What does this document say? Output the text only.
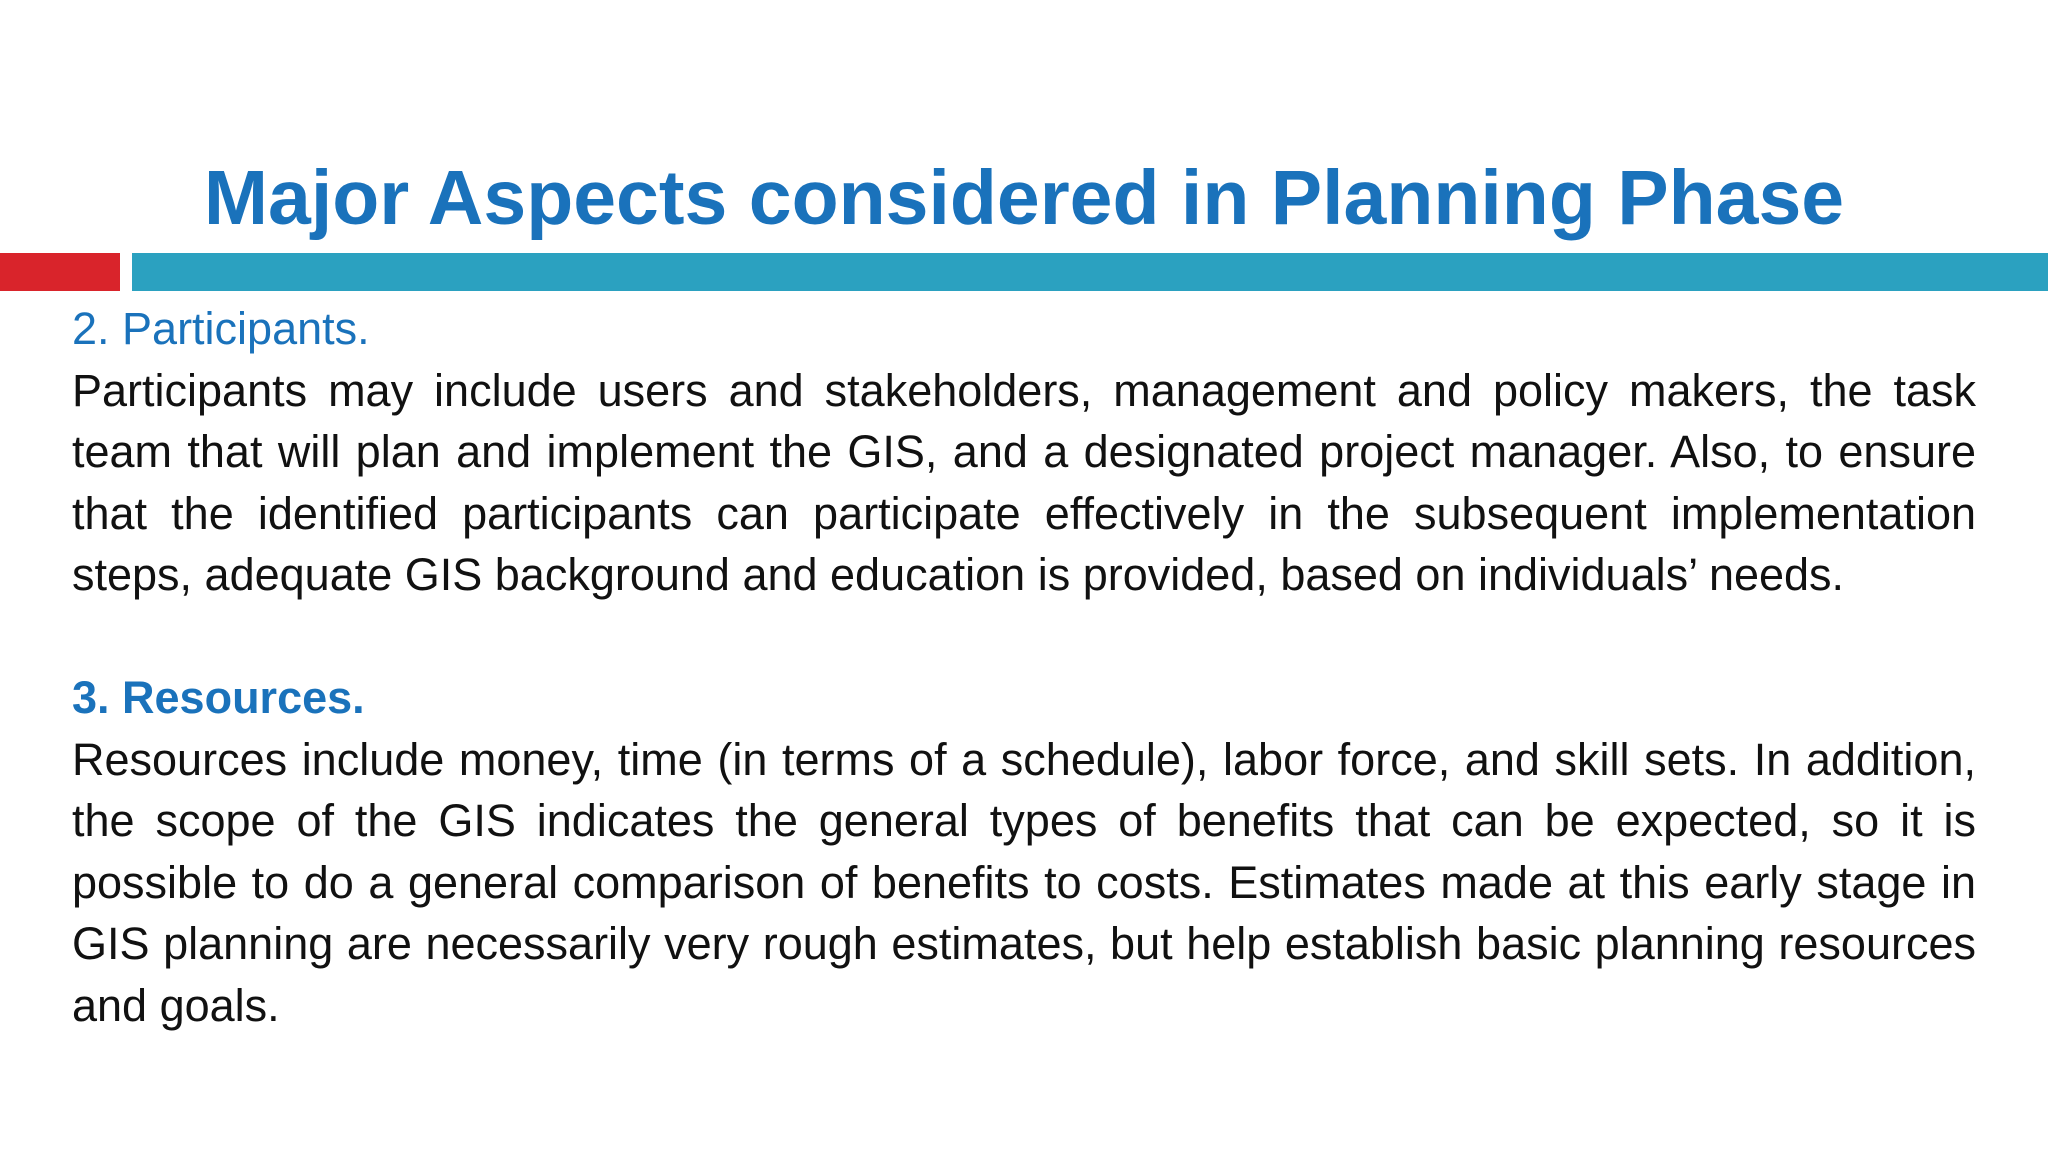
Major Aspects considered in Planning Phase

2. Participants.

Participants may include users and stakeholders, management and policy makers, the task team that will plan and implement the GIS, and a designated project manager. Also, to ensure that the identified participants can participate effectively in the subsequent implementation steps, adequate GIS background and education is provided, based on individuals’ needs.

3. Resources.

Resources include money, time (in terms of a schedule), labor force, and skill sets. In addition, the scope of the GIS indicates the general types of benefits that can be expected, so it is possible to do a general comparison of benefits to costs. Estimates made at this early stage in GIS planning are necessarily very rough estimates, but help establish basic planning resources and goals.
